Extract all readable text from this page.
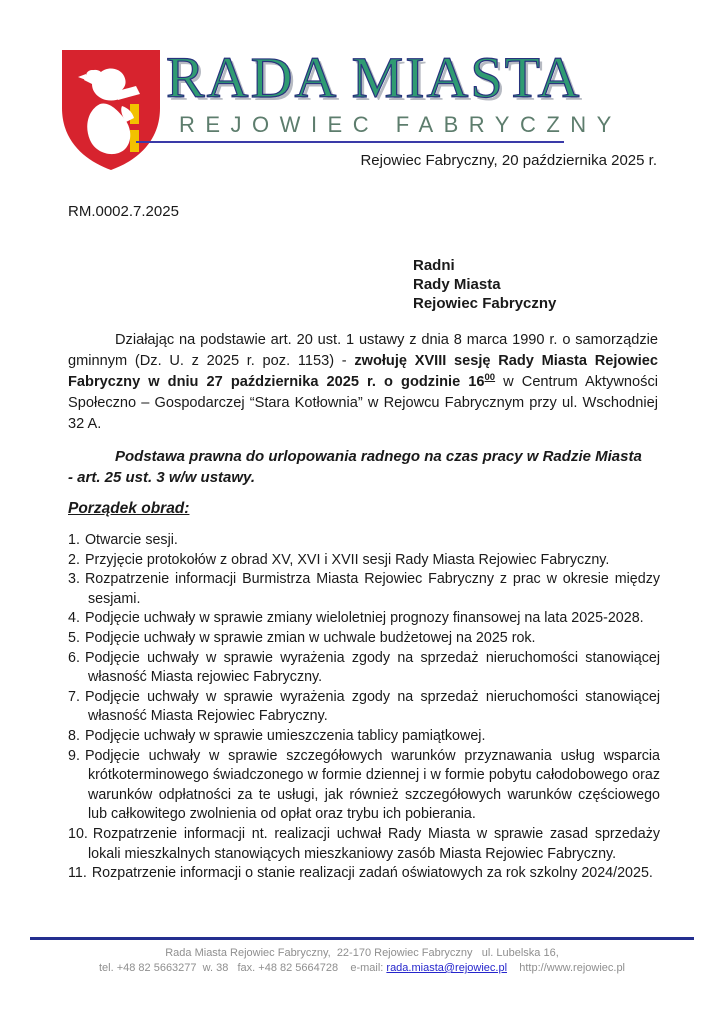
RADA MIASTA
REJOWIEC FABRYCZNY
Rejowiec Fabryczny, 20 października 2025 r.
RM.0002.7.2025
Radni
Rady Miasta
Rejowiec Fabryczny

Działając na podstawie art. 20 ust. 1 ustawy z dnia 8 marca 1990 r. o samorządzie gminnym (Dz. U. z 2025 r. poz. 1153) - zwołuję XVIII sesję Rady Miasta Rejowiec Fabryczny w dniu 27 października 2025 r. o godzinie $16^{00}$ w Centrum Aktywności Społeczno – Gospodarczej “Stara Kotłownia” w Rejowcu Fabrycznym przy ul. Wschodniej 32 A.

Podstawa prawna do urlopowania radnego na czas pracy w Radzie Miasta - art. 25 ust. 3 w/w ustawy.

Porządek obrad:
1. Otwarcie sesji.
2. Przyjęcie protokołów z obrad XV, XVI i XVII sesji Rady Miasta Rejowiec Fabryczny.
3. Rozpatrzenie informacji Burmistrza Miasta Rejowiec Fabryczny z prac w okresie między sesjami.
4. Podjęcie uchwały w sprawie zmiany wieloletniej prognozy finansowej na lata 2025-2028.
5. Podjęcie uchwały w sprawie zmian w uchwale budżetowej na 2025 rok.
6. Podjęcie uchwały w sprawie wyrażenia zgody na sprzedaż nieruchomości stanowiącej własność Miasta rejowiec Fabryczny.
7. Podjęcie uchwały w sprawie wyrażenia zgody na sprzedaż nieruchomości stanowiącej własność Miasta Rejowiec Fabryczny.
8. Podjęcie uchwały w sprawie umieszczenia tablicy pamiątkowej.
9. Podjęcie uchwały w sprawie szczegółowych warunków przyznawania usług wsparcia krótkoterminowego świadczonego w formie dziennej i w formie pobytu całodobowego oraz warunków odpłatności za te usługi, jak również szczegółowych warunków częściowego lub całkowitego zwolnienia od opłat oraz trybu ich pobierania.
10. Rozpatrzenie informacji nt. realizacji uchwał Rady Miasta w sprawie zasad sprzedaży lokali mieszkalnych stanowiących mieszkaniowy zasób Miasta Rejowiec Fabryczny.
11. Rozpatrzenie informacji o stanie realizacji zadań oświatowych za rok szkolny 2024/2025.
Rada Miasta Rejowiec Fabryczny,  22-170 Rejowiec Fabryczny   ul. Lubelska 16,
tel. +48 82 5663277  w. 38   fax. +48 82 5664728    e-mail: rada.miasta@rejowiec.pl    http://www.rejowiec.pl
